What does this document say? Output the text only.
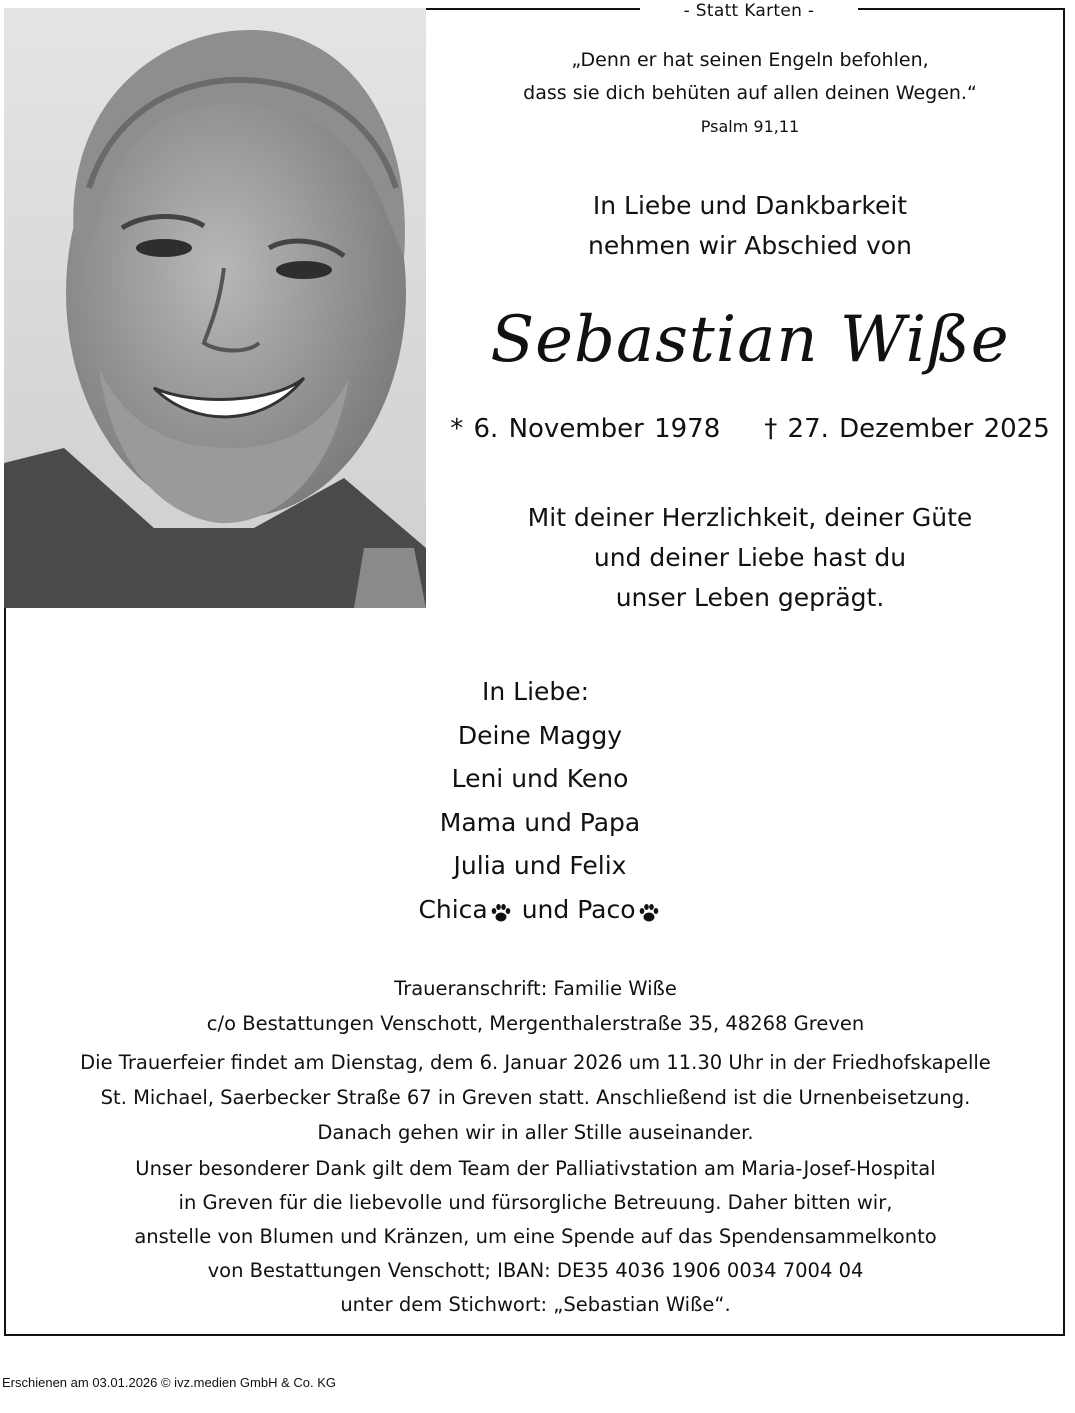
- Statt Karten -
„Denn er hat seinen Engeln befohlen,
dass sie dich behüten auf allen deinen Wegen.“
Psalm 91,11
In Liebe und Dankbarkeit
nehmen wir Abschied von
Sebastian Wiße
* 6. November 1978 † 27. Dezember 2025
Mit deiner Herzlichkeit, deiner Güte
und deiner Liebe hast du
unser Leben geprägt.
In Liebe:
Deine Maggy
Leni und Keno
Mama und Papa
Julia und Felix
Chica und Paco
Traueranschrift: Familie Wiße
c/o Bestattungen Venschott, Mergenthalerstraße 35, 48268 Greven
Die Trauerfeier findet am Dienstag, dem 6. Januar 2026 um 11.30 Uhr in der Friedhofskapelle
St. Michael, Saerbecker Straße 67 in Greven statt. Anschließend ist die Urnenbeisetzung.
Danach gehen wir in aller Stille auseinander.
Unser besonderer Dank gilt dem Team der Palliativstation am Maria-Josef-Hospital
in Greven für die liebevolle und fürsorgliche Betreuung. Daher bitten wir,
anstelle von Blumen und Kränzen, um eine Spende auf das Spendensammelkonto
von Bestattungen Venschott; IBAN: DE35 4036 1906 0034 7004 04
unter dem Stichwort: „Sebastian Wiße“.
Erschienen am 03.01.2026 © ivz.medien GmbH & Co. KG
